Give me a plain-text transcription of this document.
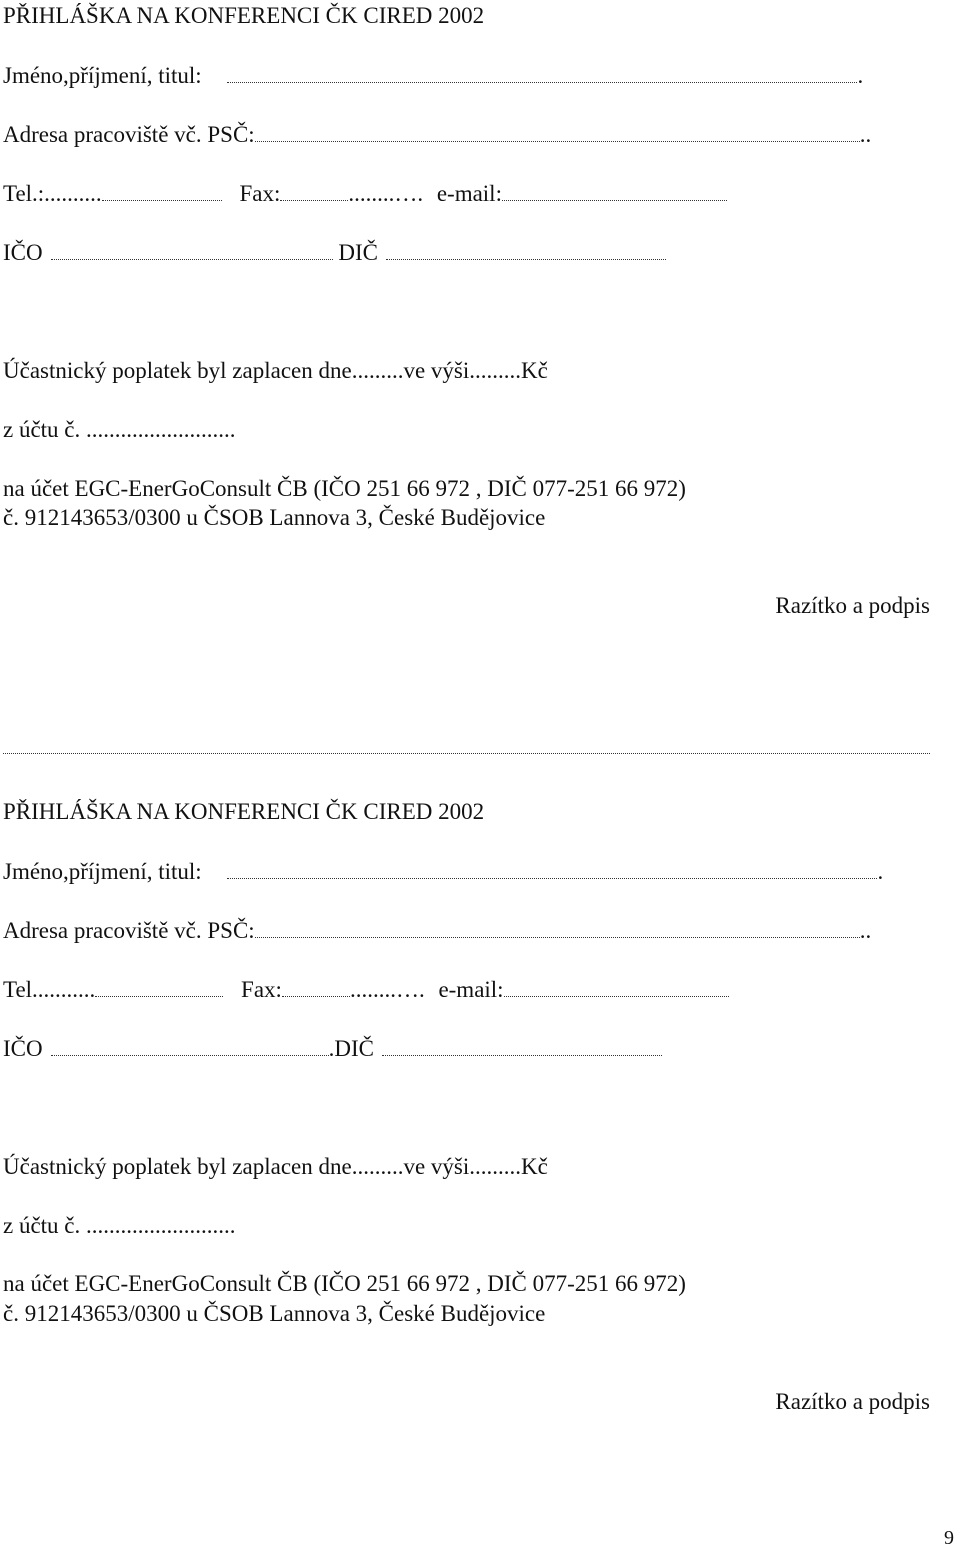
PŘIHLÁŠKA NA KONFERENCI ČK CIRED 2002
Jméno,příjmení, titul:	.
Adresa pracoviště vč. PSČ:	..
Tel.:..........	Fax:	........…. e-mail:
IČO	DIČ
Účastnický poplatek byl zaplacen dne.........ve výši.........Kč
z účtu č. ..........................
na účet EGC-EnerGoConsult ČB (IČO 251 66 972 , DIČ 077-251 66 972)
č. 912143653/0300 u ČSOB Lannova 3, České Budějovice
Razítko a podpis
PŘIHLÁŠKA NA KONFERENCI ČK CIRED 2002
Jméno,příjmení, titul:	.
Adresa pracoviště vč. PSČ:	..
Tel...........	Fax:	........…. e-mail:
IČO	.DIČ
Účastnický poplatek byl zaplacen dne.........ve výši.........Kč
z účtu č. ..........................
na účet EGC-EnerGoConsult ČB (IČO 251 66 972 , DIČ 077-251 66 972)
č. 912143653/0300 u ČSOB Lannova 3, České Budějovice
Razítko a podpis
9
